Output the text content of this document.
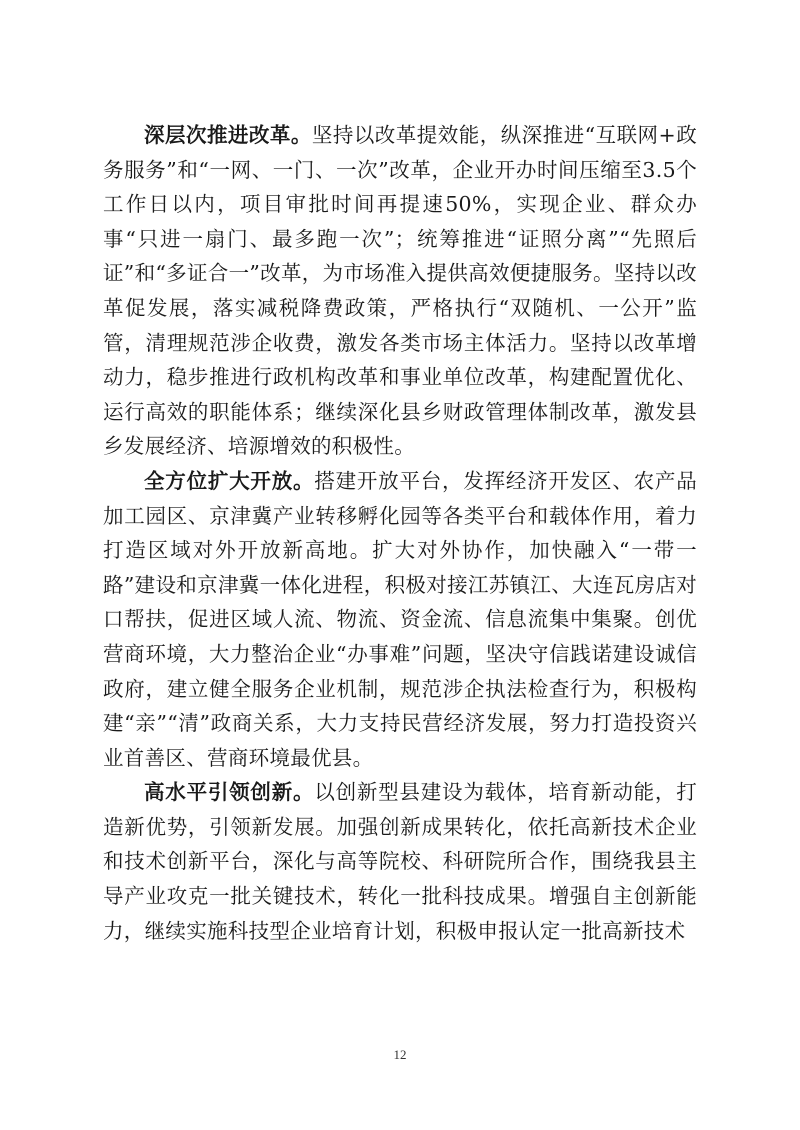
深层次推进改革。坚持以改革提效能，纵深推进“互联网+政务服务”和“一网、一门、一次”改革，企业开办时间压缩至3.5个工作日以内，项目审批时间再提速50%，实现企业、群众办事“只进一扇门、最多跑一次”；统筹推进“证照分离”“先照后证”和“多证合一”改革，为市场准入提供高效便捷服务。坚持以改革促发展，落实减税降费政策，严格执行“双随机、一公开”监管，清理规范涉企收费，激发各类市场主体活力。坚持以改革增动力，稳步推进行政机构改革和事业单位改革，构建配置优化、运行高效的职能体系；继续深化县乡财政管理体制改革，激发县乡发展经济、培源增效的积极性。

全方位扩大开放。搭建开放平台，发挥经济开发区、农产品加工园区、京津冀产业转移孵化园等各类平台和载体作用，着力打造区域对外开放新高地。扩大对外协作，加快融入“一带一路”建设和京津冀一体化进程，积极对接江苏镇江、大连瓦房店对口帮扶，促进区域人流、物流、资金流、信息流集中集聚。创优营商环境，大力整治企业“办事难”问题，坚决守信践诺建设诚信政府，建立健全服务企业机制，规范涉企执法检查行为，积极构建“亲”“清”政商关系，大力支持民营经济发展，努力打造投资兴业首善区、营商环境最优县。

高水平引领创新。以创新型县建设为载体，培育新动能，打造新优势，引领新发展。加强创新成果转化，依托高新技术企业和技术创新平台，深化与高等院校、科研院所合作，围绕我县主导产业攻克一批关键技术，转化一批科技成果。增强自主创新能力，继续实施科技型企业培育计划，积极申报认定一批高新技术

12
